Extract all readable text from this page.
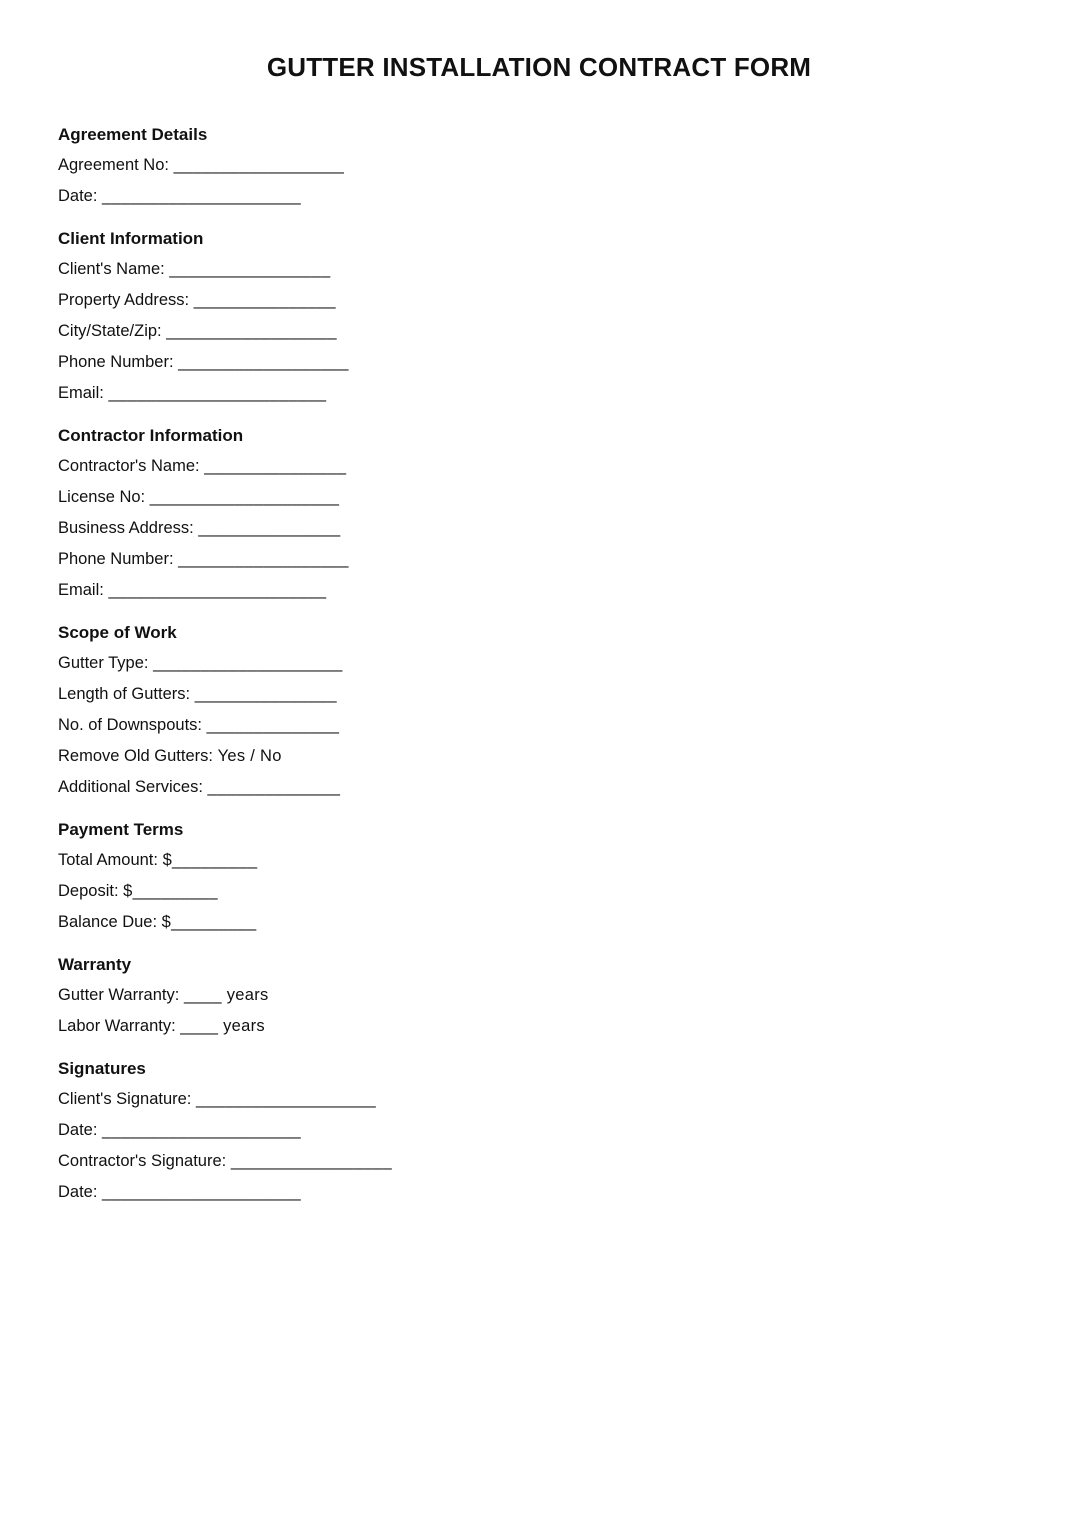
GUTTER INSTALLATION CONTRACT FORM
Agreement Details
Agreement No: __________________
Date: _____________________
Client Information
Client's Name: _________________
Property Address: _______________
City/State/Zip: __________________
Phone Number: __________________
Email: _______________________
Contractor Information
Contractor's Name: _______________
License No: ____________________
Business Address: _______________
Phone Number: __________________
Email: _______________________
Scope of Work
Gutter Type: ____________________
Length of Gutters: _______________
No. of Downspouts: ______________
Remove Old Gutters: Yes / No
Additional Services: ______________
Payment Terms
Total Amount: $_________
Deposit: $_________
Balance Due: $_________
Warranty
Gutter Warranty: ____ years
Labor Warranty: ____ years
Signatures
Client's Signature: ___________________
Date: _____________________
Contractor's Signature: _________________
Date: _____________________
